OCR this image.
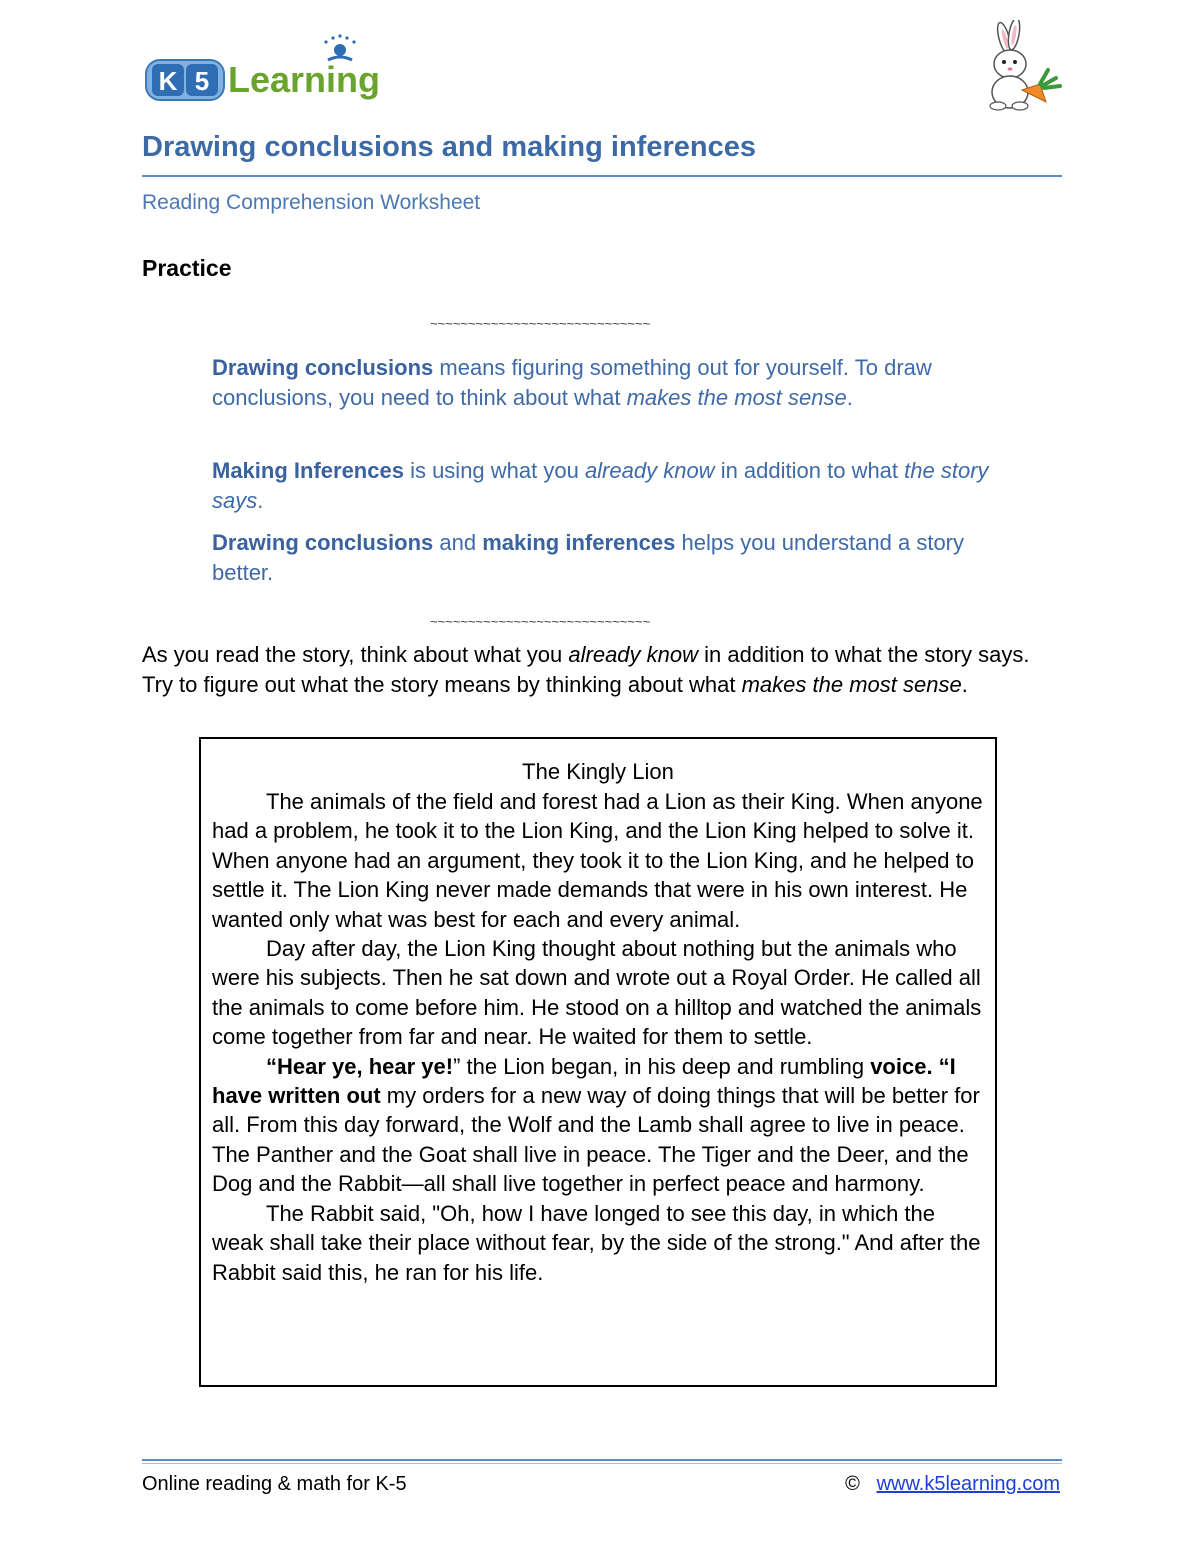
K 5 Learning
Drawing conclusions and making inferences
Reading Comprehension Worksheet
Practice
~~~~~~~~~~~~~~~~~~~~~~~~~~~~~
Drawing conclusions means figuring something out for yourself. To draw conclusions, you need to think about what makes the most sense.
Making Inferences is using what you already know in addition to what the story says.
Drawing conclusions and making inferences helps you understand a story better.
~~~~~~~~~~~~~~~~~~~~~~~~~~~~~
As you read the story, think about what you already know in addition to what the story says. Try to figure out what the story means by thinking about what makes the most sense.
The Kingly Lion

The animals of the field and forest had a Lion as their King. When anyone had a problem, he took it to the Lion King, and the Lion King helped to solve it. When anyone had an argument, they took it to the Lion King, and he helped to settle it. The Lion King never made demands that were in his own interest. He wanted only what was best for each and every animal.

Day after day, the Lion King thought about nothing but the animals who were his subjects. Then he sat down and wrote out a Royal Order. He called all the animals to come before him. He stood on a hilltop and watched the animals come together from far and near. He waited for them to settle.

“Hear ye, hear ye!” the Lion began, in his deep and rumbling voice. “I have written out my orders for a new way of doing things that will be better for all. From this day forward, the Wolf and the Lamb shall agree to live in peace. The Panther and the Goat shall live in peace. The Tiger and the Deer, and the Dog and the Rabbit—all shall live together in perfect peace and harmony.

The Rabbit said, "Oh, how I have longed to see this day, in which the weak shall take their place without fear, by the side of the strong." And after the Rabbit said this, he ran for his life.

Online reading & math for K-5	© www.k5learning.com
